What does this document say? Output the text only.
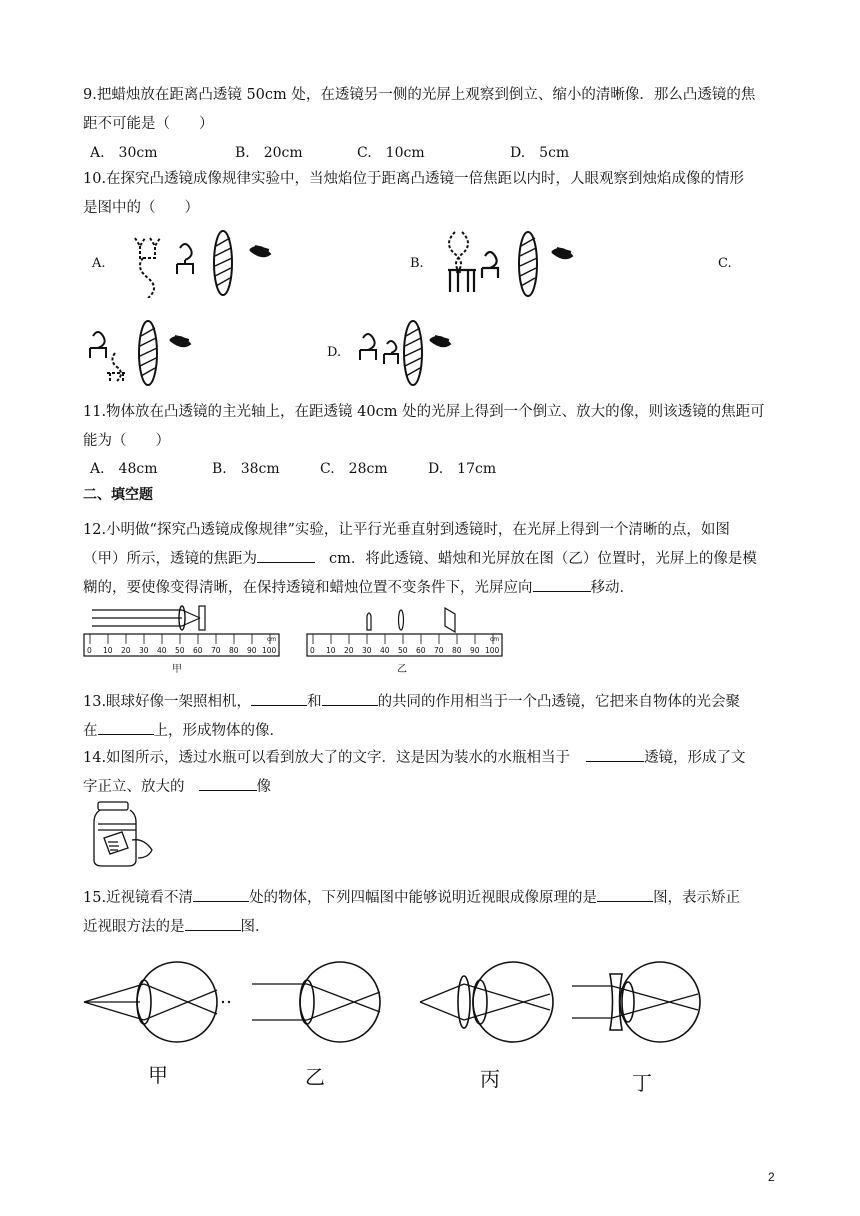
9.把蜡烛放在距离凸透镜 50cm 处，在透镜另一侧的光屏上观察到倒立、缩小的清晰像．那么凸透镜的焦
距不可能是（　　）
A.　30cm	B.　20cm	C.　10cm	D.　5cm
10.在探究凸透镜成像规律实验中，当烛焰位于距离凸透镜一倍焦距以内时，人眼观察到烛焰成像的情形
是图中的（　　）
A.	B.	C.
D.
11.物体放在凸透镜的主光轴上，在距透镜 40cm 处的光屏上得到一个倒立、放大的像，则该透镜的焦距可
能为（　　）
A.　48cm	B.　38cm	C.　28cm	D.　17cm
二、填空题
12.小明做“探究凸透镜成像规律”实验，让平行光垂直射到透镜时，在光屏上得到一个清晰的点，如图
（甲）所示，透镜的焦距为	cm．将此透镜、蜡烛和光屏放在图（乙）位置时，光屏上的像是模
糊的，要使像变得清晰，在保持透镜和蜡烛位置不变条件下，光屏应向	移动．
0 10 20 30 40 50 60 70 80 90 100
cm
甲
0 10 20 30 40 50 60 70 80 90 100
cm
乙
13.眼球好像一架照相机，	和	的共同的作用相当于一个凸透镜，它把来自物体的光会聚
在	上，形成物体的像．
14.如图所示，透过水瓶可以看到放大了的文字．这是因为装水的水瓶相当于	透镜，形成了文
字正立、放大的	像
15.近视镜看不清	处的物体，下列四幅图中能够说明近视眼成像原理的是	图，表示矫正
近视眼方法的是	图．
甲	乙	丙	丁
2
